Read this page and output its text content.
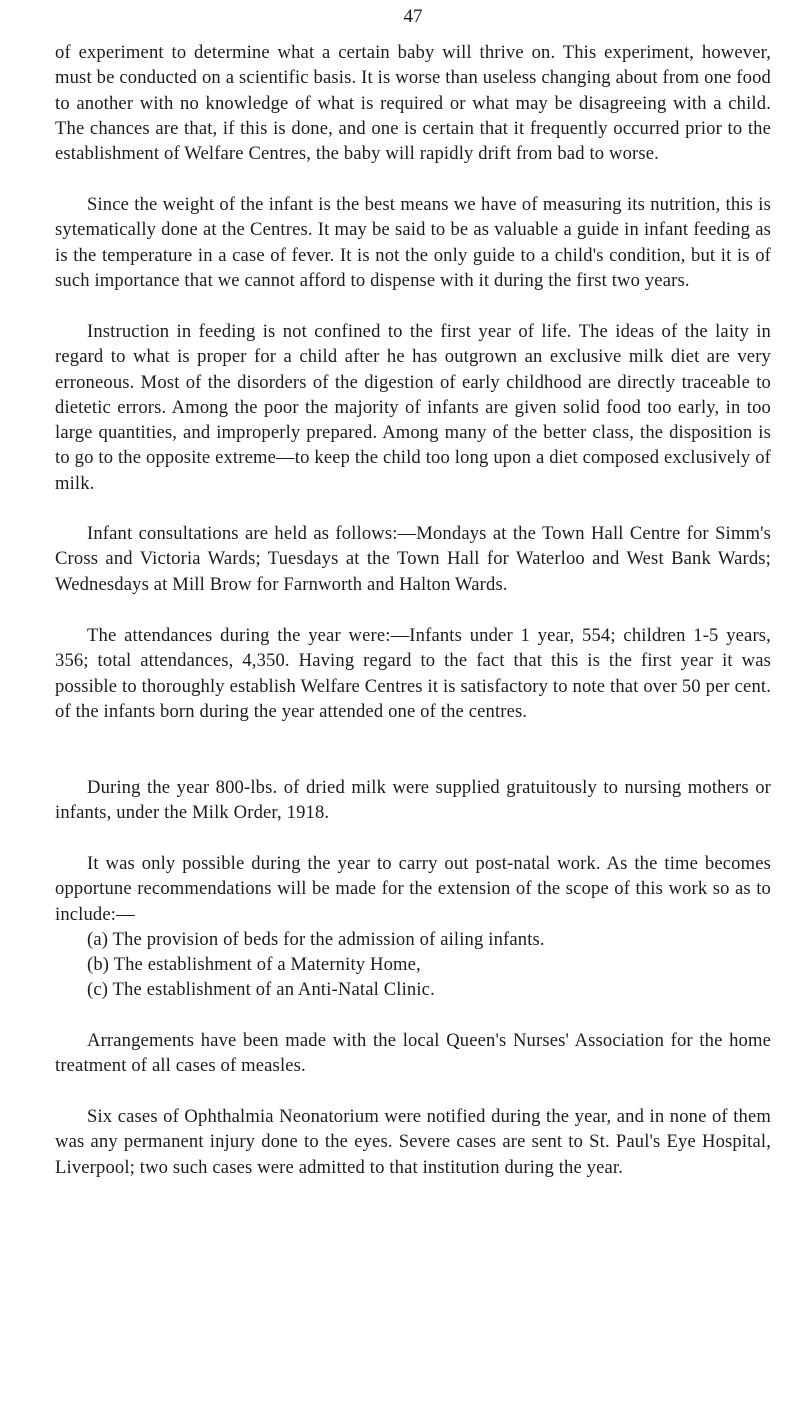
47

of experiment to determine what a certain baby will thrive on. This experiment, however, must be conducted on a scientific basis. It is worse than useless changing about from one food to another with no knowledge of what is required or what may be disagreeing with a child. The chances are that, if this is done, and one is certain that it frequently occurred prior to the establishment of Welfare Centres, the baby will rapidly drift from bad to worse.

Since the weight of the infant is the best means we have of measuring its nutrition, this is sytematically done at the Centres. It may be said to be as valuable a guide in infant feeding as is the temperature in a case of fever. It is not the only guide to a child's condition, but it is of such importance that we cannot afford to dispense with it during the first two years.

Instruction in feeding is not confined to the first year of life. The ideas of the laity in regard to what is proper for a child after he has outgrown an exclusive milk diet are very erroneous. Most of the disorders of the digestion of early childhood are directly traceable to dietetic errors. Among the poor the majority of infants are given solid food too early, in too large quantities, and improperly prepared. Among many of the better class, the disposition is to go to the opposite extreme—to keep the child too long upon a diet composed exclusively of milk.

Infant consultations are held as follows:—Mondays at the Town Hall Centre for Simm's Cross and Victoria Wards; Tuesdays at the Town Hall for Waterloo and West Bank Wards; Wednesdays at Mill Brow for Farnworth and Halton Wards.

The attendances during the year were:—Infants under 1 year, 554; children 1-5 years, 356; total attendances, 4,350. Having regard to the fact that this is the first year it was possible to thoroughly establish Welfare Centres it is satisfactory to note that over 50 per cent. of the infants born during the year attended one of the centres.

During the year 800-lbs. of dried milk were supplied gratuitously to nursing mothers or infants, under the Milk Order, 1918.

It was only possible during the year to carry out post-natal work. As the time becomes opportune recommendations will be made for the extension of the scope of this work so as to include:—

(a) The provision of beds for the admission of ailing infants.

(b) The establishment of a Maternity Home,

(c) The establishment of an Anti-Natal Clinic.

Arrangements have been made with the local Queen's Nurses' Association for the home treatment of all cases of measles.

Six cases of Ophthalmia Neonatorium were notified during the year, and in none of them was any permanent injury done to the eyes. Severe cases are sent to St. Paul's Eye Hospital, Liverpool; two such cases were admitted to that institution during the year.
